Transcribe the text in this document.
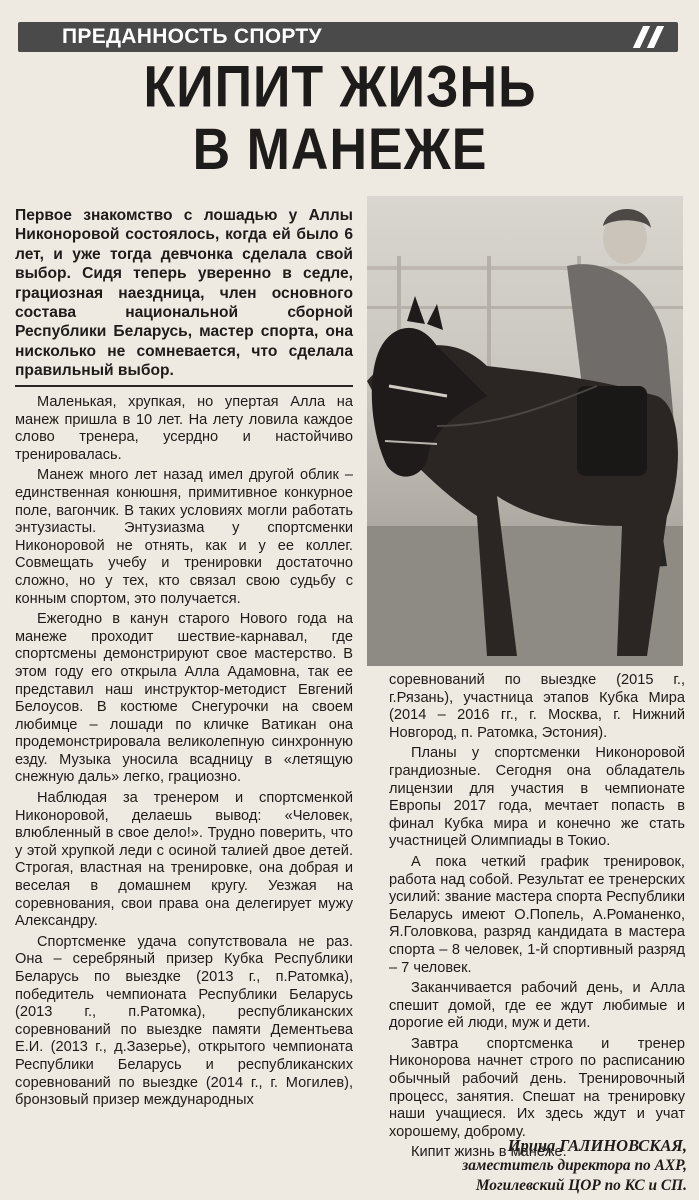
ПРЕДАННОСТЬ СПОРТУ
КИПИТ ЖИЗНЬ
В МАНЕЖЕ
Первое знакомство с лошадью у Аллы Никоноровой состоялось, когда ей было 6 лет, и уже тогда девчонка сделала свой выбор. Сидя теперь уверенно в седле, грациозная наездница, член основного состава национальной сборной Республики Беларусь, мастер спорта, она нисколько не сомневается, что сделала правильный выбор.

Маленькая, хрупкая, но упертая Алла на манеж пришла в 10 лет. На лету ловила каждое слово тренера, усердно и настойчиво тренировалась.

Манеж много лет назад имел другой облик – единственная конюшня, примитивное конкурное поле, вагончик. В таких условиях могли работать энтузиасты. Энтузиазма у спортсменки Никоноровой не отнять, как и у ее коллег. Совмещать учебу и тренировки достаточно сложно, но у тех, кто связал свою судьбу с конным спортом, это получается.

Ежегодно в канун старого Нового года на манеже проходит шествие-карнавал, где спортсмены демонстрируют свое мастерство. В этом году его открыла Алла Адамовна, так ее представил наш инструктор-методист Евгений Белоусов. В костюме Снегурочки на своем любимце – лошади по кличке Ватикан она продемонстрировала великолепную синхронную езду. Музыка уносила всадницу в «летящую снежную даль» легко, грациозно.

Наблюдая за тренером и спортсменкой Никоноровой, делаешь вывод: «Человек, влюбленный в свое дело!». Трудно поверить, что у этой хрупкой леди с осиной талией двое детей. Строгая, властная на тренировке, она добрая и веселая в домашнем кругу. Уезжая на соревнования, свои права она делегирует мужу Александру.

Спортсменке удача сопутствовала не раз. Она – серебряный призер Кубка Республики Беларусь по выездке (2013 г., п.Ратомка), победитель чемпионата Республики Беларусь (2013 г., п.Ратомка), республиканских соревнований по выездке памяти Дементьева Е.И. (2013 г., д.Зазерье), открытого чемпионата Республики Беларусь и республиканских соревнований по выездке (2014 г., г. Могилев), бронзовый призер международных

соревнований по выездке (2015 г., г.Рязань), участница этапов Кубка Мира (2014 – 2016 гг., г. Москва, г. Нижний Новгород, п. Ратомка, Эстония).

Планы у спортсменки Никоноровой грандиозные. Сегодня она обладатель лицензии для участия в чемпионате Европы 2017 года, мечтает попасть в финал Кубка мира и конечно же стать участницей Олимпиады в Токио.

А пока четкий график тренировок, работа над собой. Результат ее тренерских усилий: звание мастера спорта Республики Беларусь имеют О.Попель, А.Романенко, Я.Головкова, разряд кандидата в мастера спорта – 8 человек, 1-й спортивный разряд – 7 человек.

Заканчивается рабочий день, и Алла спешит домой, где ее ждут любимые и дорогие ей люди, муж и дети.

Завтра спортсменка и тренер Никонорова начнет строго по расписанию обычный рабочий день. Тренировочный процесс, занятия. Спешат на тренировку наши учащиеся. Их здесь ждут и учат хорошему, доброму.

Кипит жизнь в манеже.

Ирина ГАЛИНОВСКАЯ,
заместитель директора по АХР,
Могилевский ЦОР по КС и СП.
